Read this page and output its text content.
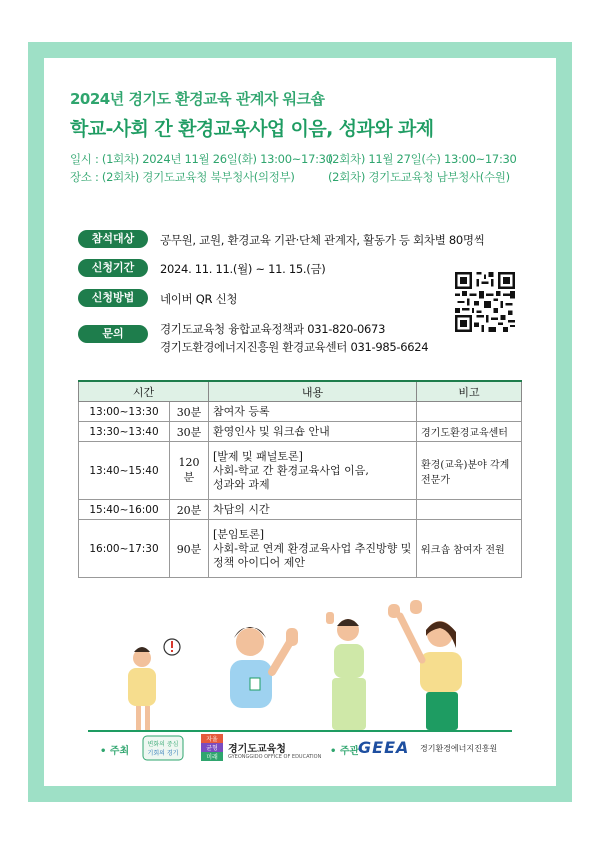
2024년 경기도 환경교육 관계자 워크숍
학교-사회 간 환경교육사업 이음, 성과와 과제
일시 : (1회차) 2024년 11월 26일(화) 13:00~17:30
(2회차) 11월 27일(수) 13:00~17:30
장소 : (2회차) 경기도교육청 북부청사(의정부)	(2회차) 경기도교육청 남부청사(수원)
참석대상	공무원, 교원, 환경교육 기관·단체 관계자, 활동가 등 회차별 80명씩
신청기간	2024. 11. 11.(월) ~ 11. 15.(금)
신청방법	네이버 QR 신청
문의	경기도교육청 융합교육정책과 031-820-0673
경기도환경에너지진흥원 환경교육센터 031-985-6624
시간		내용	비고
13:00~13:30	30분	참여자 등록	

13:30~13:40	30분	환영인사 및 워크숍 안내	경기도환경교육센터
13:40~15:40	120분	[발제 및 패널토론]
사회-학교 간 환경교육사업 이음,
성과와 과제	환경(교육)분야 각계 전문가
15:40~16:00	20분	차담의 시간	

16:00~17:30	90분	[분임토론]
사회-학교 연계 환경교육사업 추진방향 및
정책 아이디어 제안	워크숍 참여자 전원
• 주최
변화의 중심
기회의 경기
자율
균형
미래
경기도교육청
GYEONGGIDO OFFICE OF EDUCATION • 주관
GEEA 경기환경에너지진흥원
